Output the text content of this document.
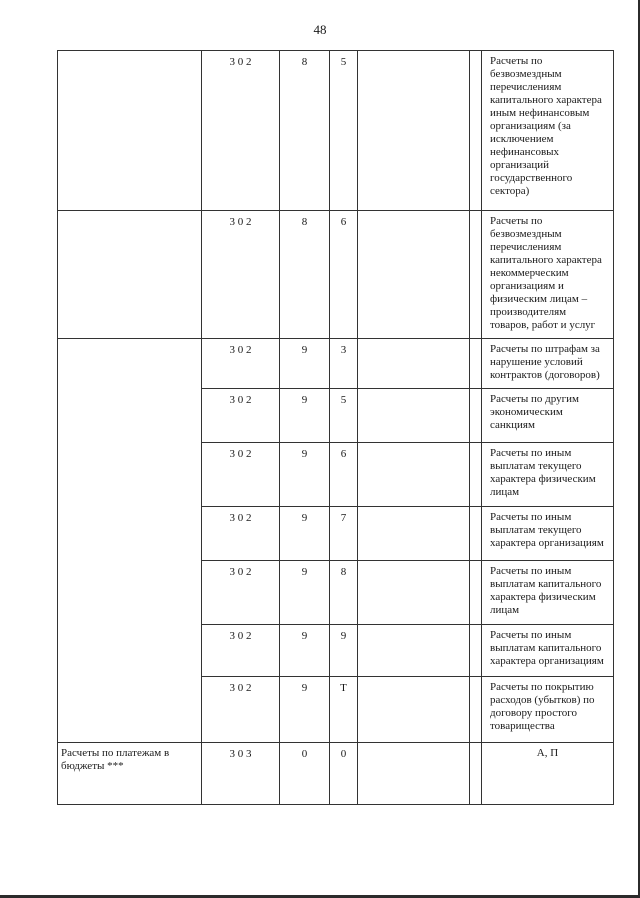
48
	3 0 2	8	5			Расчеты по безвозмездным перечислениям капитального характера иным нефинансовым организациям (за исключением нефинансовых организаций государственного сектора)
	3 0 2	8	6			Расчеты по безвозмездным перечислениям капитального характера некоммерческим организациям и физическим лицам – производителям товаров, работ и услуг
	3 0 2	9	3			Расчеты по штрафам за нарушение условий контрактов (договоров)
	3 0 2	9	5			Расчеты по другим экономическим санкциям
	3 0 2	9	6			Расчеты по иным выплатам текущего характера физическим лицам
	3 0 2	9	7			Расчеты по иным выплатам текущего характера организациям
	3 0 2	9	8			Расчеты по иным выплатам капитального характера физическим лицам
	3 0 2	9	9			Расчеты по иным выплатам капитального характера организациям
	3 0 2	9	Т			Расчеты по покрытию расходов (убытков) по договору простого товарищества
Расчеты по платежам в бюджеты ***	3 0 3	0	0			А, П
